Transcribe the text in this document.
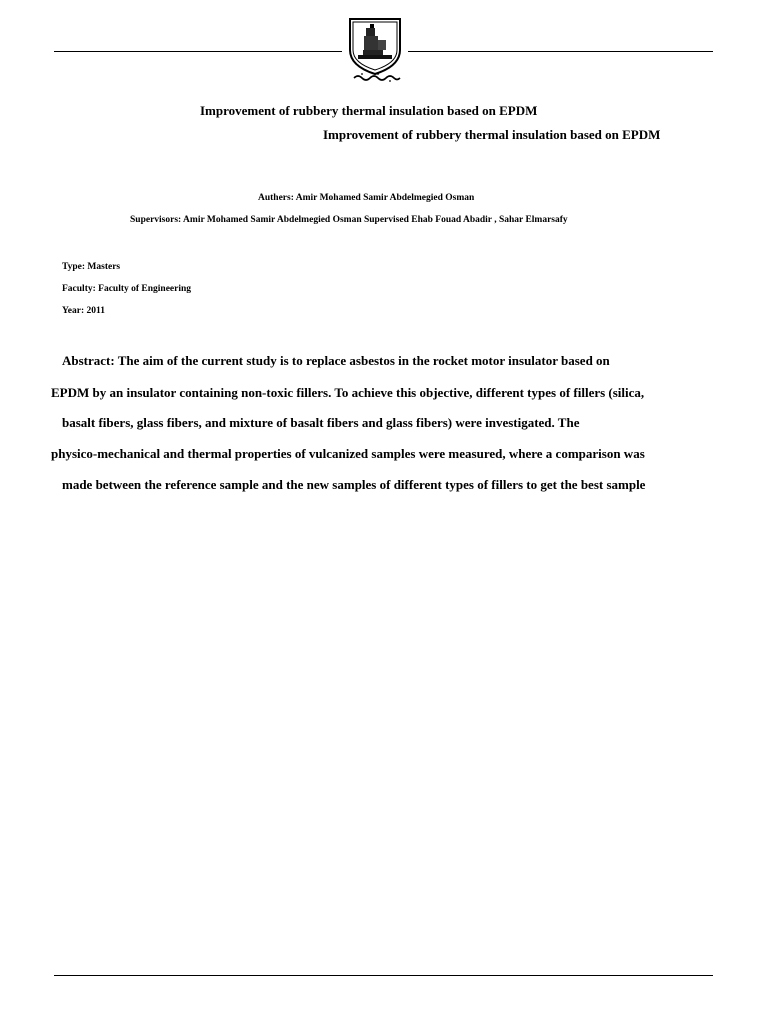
Improvement of rubbery thermal insulation based on EPDM
Improvement of rubbery thermal insulation based on EPDM
Authers: Amir Mohamed Samir Abdelmegied Osman
Supervisors: Amir Mohamed Samir Abdelmegied Osman Supervised Ehab Fouad Abadir , Sahar Elmarsafy
Type: Masters
Faculty: Faculty of Engineering
Year: 2011
Abstract: The aim of the current study is to replace asbestos in the rocket motor insulator based on
EPDM by an insulator containing non-toxic fillers. To achieve this objective, different types of fillers (silica,
basalt fibers, glass fibers, and mixture of basalt fibers and glass fibers) were investigated. The
physico-mechanical and thermal properties of vulcanized samples were measured, where a comparison was
made between the reference sample and the new samples of different types of fillers to get the best sample
